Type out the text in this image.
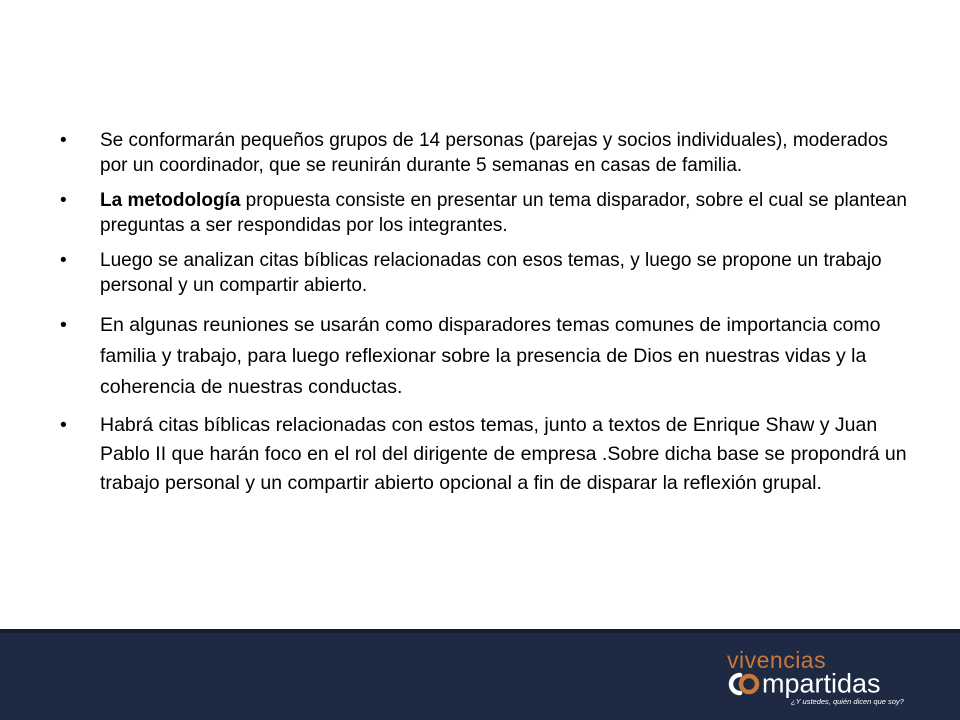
• Se conformarán pequeños grupos de 14 personas (parejas y socios individuales), moderados por un coordinador, que se reunirán durante 5 semanas en casas de familia.

• La metodología propuesta consiste en presentar un tema disparador, sobre el cual se plantean preguntas a ser respondidas por los integrantes.

• Luego se analizan citas bíblicas relacionadas con esos temas, y luego se propone un trabajo personal y un compartir abierto.

• En algunas reuniones se usarán como disparadores temas comunes de importancia como familia y trabajo, para luego reflexionar sobre la presencia de Dios en nuestras vidas y la coherencia de nuestras conductas.

• Habrá citas bíblicas relacionadas con estos temas, junto a textos de Enrique Shaw y Juan Pablo II que harán foco en el rol del dirigente de empresa .Sobre dicha base se propondrá un trabajo personal y un compartir abierto opcional a fin de disparar la reflexión grupal.

vivencias
mpartidas
¿Y ustedes, quién dicen que soy?
